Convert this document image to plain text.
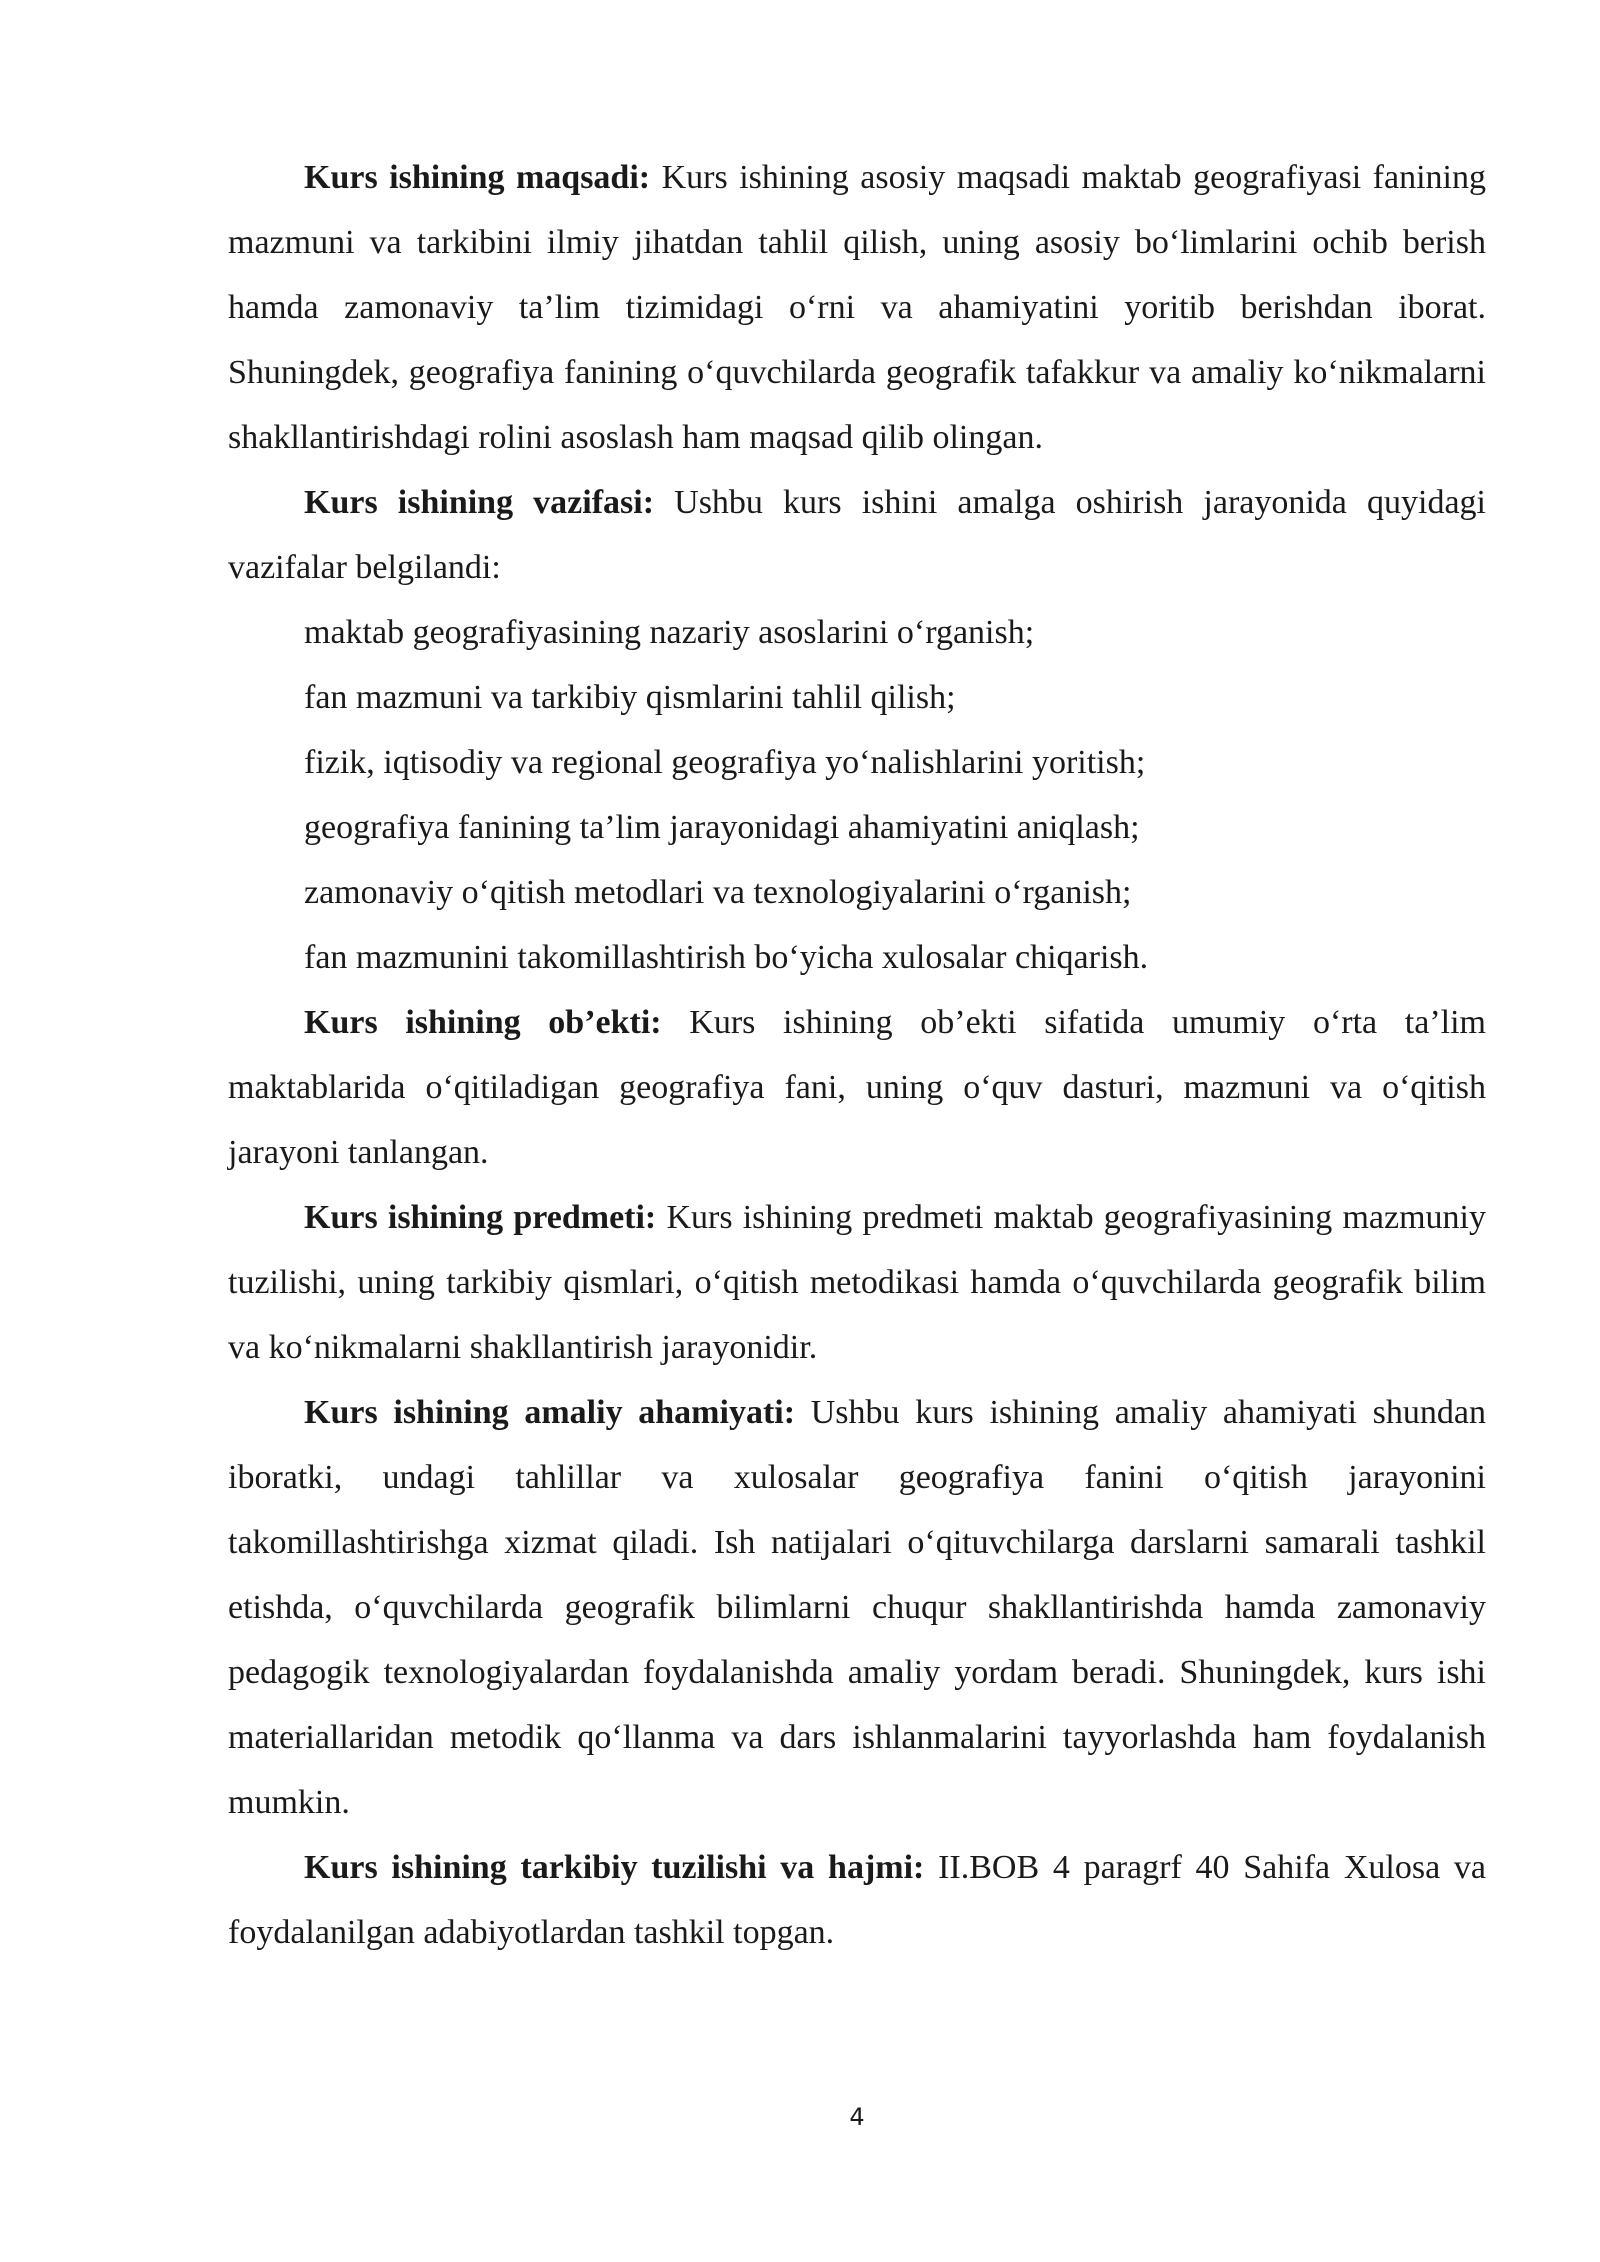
Kurs ishining maqsadi: Kurs ishining asosiy maqsadi maktab geografiyasi fanining mazmuni va tarkibini ilmiy jihatdan tahlil qilish, uning asosiy bo‘limlarini ochib berish hamda zamonaviy ta’lim tizimidagi o‘rni va ahamiyatini yoritib berishdan iborat. Shuningdek, geografiya fanining o‘quvchilarda geografik tafakkur va amaliy ko‘nikmalarni shakllantirishdagi rolini asoslash ham maqsad qilib olingan.

Kurs ishining vazifasi: Ushbu kurs ishini amalga oshirish jarayonida quyidagi vazifalar belgilandi:

maktab geografiyasining nazariy asoslarini o‘rganish;
fan mazmuni va tarkibiy qismlarini tahlil qilish;
fizik, iqtisodiy va regional geografiya yo‘nalishlarini yoritish;
geografiya fanining ta’lim jarayonidagi ahamiyatini aniqlash;
zamonaviy o‘qitish metodlari va texnologiyalarini o‘rganish;
fan mazmunini takomillashtirish bo‘yicha xulosalar chiqarish.

Kurs ishining ob’ekti: Kurs ishining ob’ekti sifatida umumiy o‘rta ta’lim maktablarida o‘qitiladigan geografiya fani, uning o‘quv dasturi, mazmuni va o‘qitish jarayoni tanlangan.

Kurs ishining predmeti: Kurs ishining predmeti maktab geografiyasining mazmuniy tuzilishi, uning tarkibiy qismlari, o‘qitish metodikasi hamda o‘quvchilarda geografik bilim va ko‘nikmalarni shakllantirish jarayonidir.

Kurs ishining amaliy ahamiyati: Ushbu kurs ishining amaliy ahamiyati shundan iboratki, undagi tahlillar va xulosalar geografiya fanini o‘qitish jarayonini takomillashtirishga xizmat qiladi. Ish natijalari o‘qituvchilarga darslarni samarali tashkil etishda, o‘quvchilarda geografik bilimlarni chuqur shakllantirishda hamda zamonaviy pedagogik texnologiyalardan foydalanishda amaliy yordam beradi. Shuningdek, kurs ishi materiallaridan metodik qo‘llanma va dars ishlanmalarini tayyorlashda ham foydalanish mumkin.

Kurs ishining tarkibiy tuzilishi va hajmi: II.BOB 4 paragrf 40 Sahifa Xulosa va foydalanilgan adabiyotlardan tashkil topgan.

4
